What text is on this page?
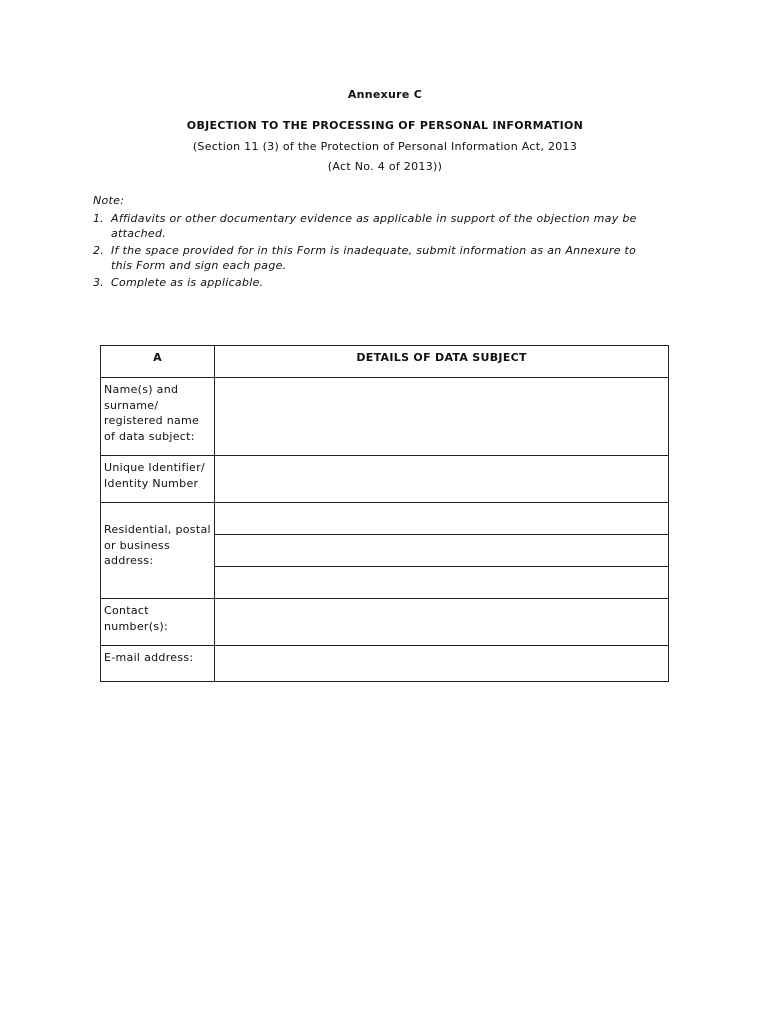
Annexure C
OBJECTION TO THE PROCESSING OF PERSONAL INFORMATION
(Section 11 (3) of the Protection of Personal Information Act, 2013
(Act No. 4 of 2013))
Note:
1. Affidavits or other documentary evidence as applicable in support of the objection may be attached.
2. If the space provided for in this Form is inadequate, submit information as an Annexure to this Form and sign each page.
3. Complete as is applicable.
A	DETAILS OF DATA SUBJECT

Name(s) and surname/ registered name of data subject:	

Unique Identifier/ Identity Number	

Residential, postal or business address:	

Contact number(s):	

E-mail address:	
